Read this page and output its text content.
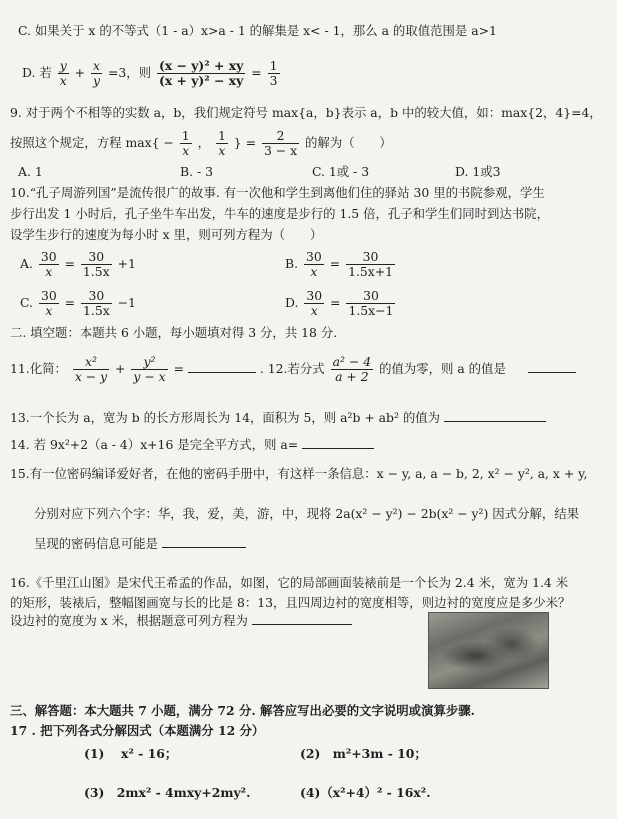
C. 如果关于 x 的不等式（1 - a）x>a - 1 的解集是 x< - 1，那么 a 的取值范围是 a>1
D. 若 $\frac{y}{x} + \frac{x}{y} =3$，则 $\frac{\text{(x − y)² + xy}}{\text{(x + y)² − xy}} = \frac{1}{3}$
9. 对于两个不相等的实数 a，b，我们规定符号 max{a，b}表示 a，b 中的较大值，如：max{2，4}=4，
按照这个规定，方程 $\max\{ - \frac{1}{x}$ ， $\frac{1}{x}$ } = $\frac{2}{3 - x}$ 的解为（　　）
A. 1	B. - 3	C. 1或 - 3	D. 1或3
10.“孔子周游列国”是流传很广的故事. 有一次他和学生到离他们住的驿站 30 里的书院参观，学生
步行出发 1 小时后，孔子坐牛车出发，牛车的速度是步行的 1.5 倍，孔子和学生们同时到达书院，
设学生步行的速度为每小时 x 里，则可列方程为（　　）
A. $\frac{30}{x} = \frac{30}{1.5x} +1$	B. $\frac{30}{x} = \frac{30}{1.5x+1}$
C. $\frac{30}{x} = \frac{30}{1.5x} -1$	D. $\frac{30}{x} = \frac{30}{1.5x-1}$
二. 填空题：本题共 6 小题，每小题填对得 3 分，共 18 分.
11.化简： $\frac{\text{x²}}{x - y} + \frac{\text{y²}}{y - x}$ =	. 12.若分式 $\frac{\text{a² − 4}}{a + 2}$ 的值为零，则 a 的值是
13.一个长为 a，宽为 b 的长方形周长为 14，面积为 5，则 a²b + ab² 的值为
14. 若 9x²+2（a - 4）x+16 是完全平方式，则 a=
15.有一位密码编译爱好者，在他的密码手册中，有这样一条信息：x − y, a, a − b, 2, x² − y², a, x + y,
分别对应下列六个字：华，我，爱，美，游，中，现将 2a(x² − y²) − 2b(x² − y²) 因式分解，结果
呈现的密码信息可能是
16.《千里江山图》是宋代王希孟的作品，如图，它的局部画面装裱前是一个长为 2.4 米，宽为 1.4 米
的矩形，装裱后，整幅图画宽与长的比是 8：13，且四周边衬的宽度相等，则边衬的宽度应是多少米？
设边衬的宽度为 x 米，根据题意可列方程为
三、解答题：本大题共 7 小题，满分 72 分. 解答应写出必要的文字说明或演算步骤.
17 . 把下列各式分解因式（本题满分 12 分）
(1)　 x² - 16；	(2)　m²+3m - 10；
(3)　2mx² - 4mxy+2my².	(4)（x²+4）² - 16x².
